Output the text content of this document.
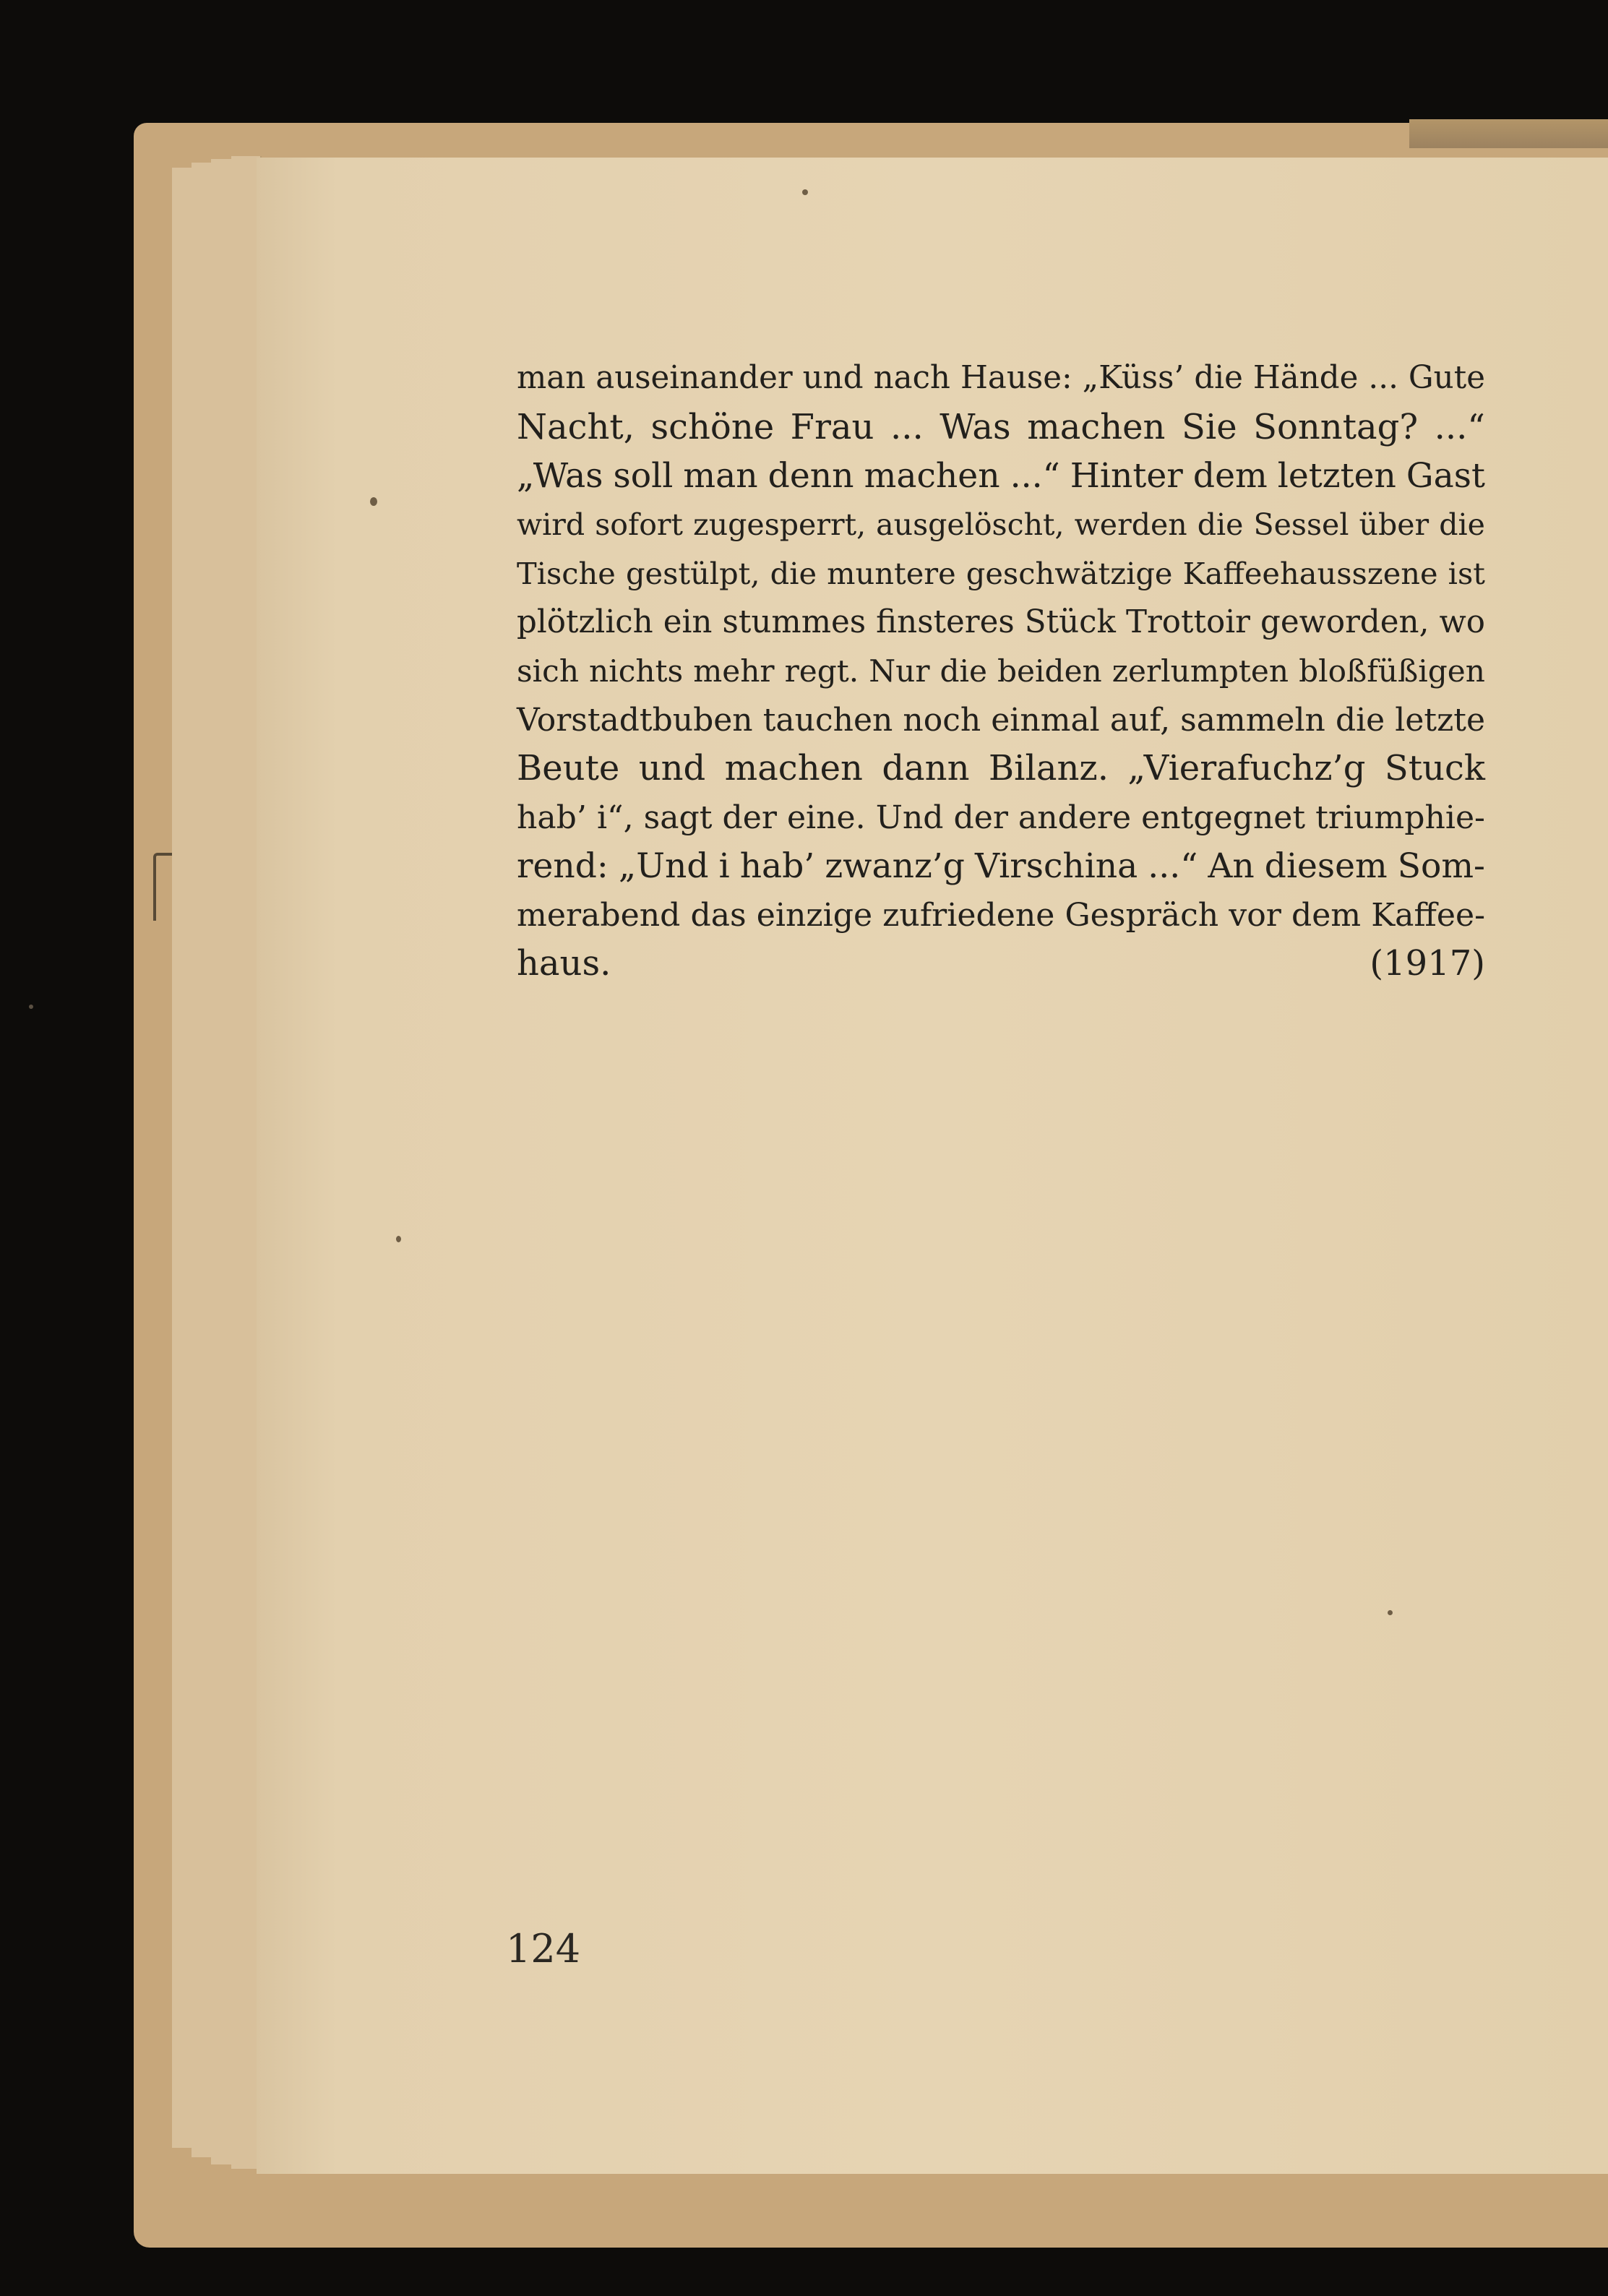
man auseinander und nach Hause: „Küss’ die Hände ... Gute
Nacht, schöne Frau ... Was machen Sie Sonntag? ...“
„Was soll man denn machen ...“ Hinter dem letzten Gast
wird sofort zugesperrt, ausgelöscht, werden die Sessel über die
Tische gestülpt, die muntere geschwätzige Kaffeehausszene ist
plötzlich ein stummes finsteres Stück Trottoir geworden, wo
sich nichts mehr regt. Nur die beiden zerlumpten bloßfüßigen
Vorstadtbuben tauchen noch einmal auf, sammeln die letzte
Beute und machen dann Bilanz. „Vierafuchz’g Stuck
hab’ i“, sagt der eine. Und der andere entgegnet triumphie-
rend: „Und i hab’ zwanz’g Virschina ...“ An diesem Som-
merabend das einzige zufriedene Gespräch vor dem Kaffee-
haus.	(1917)
124
